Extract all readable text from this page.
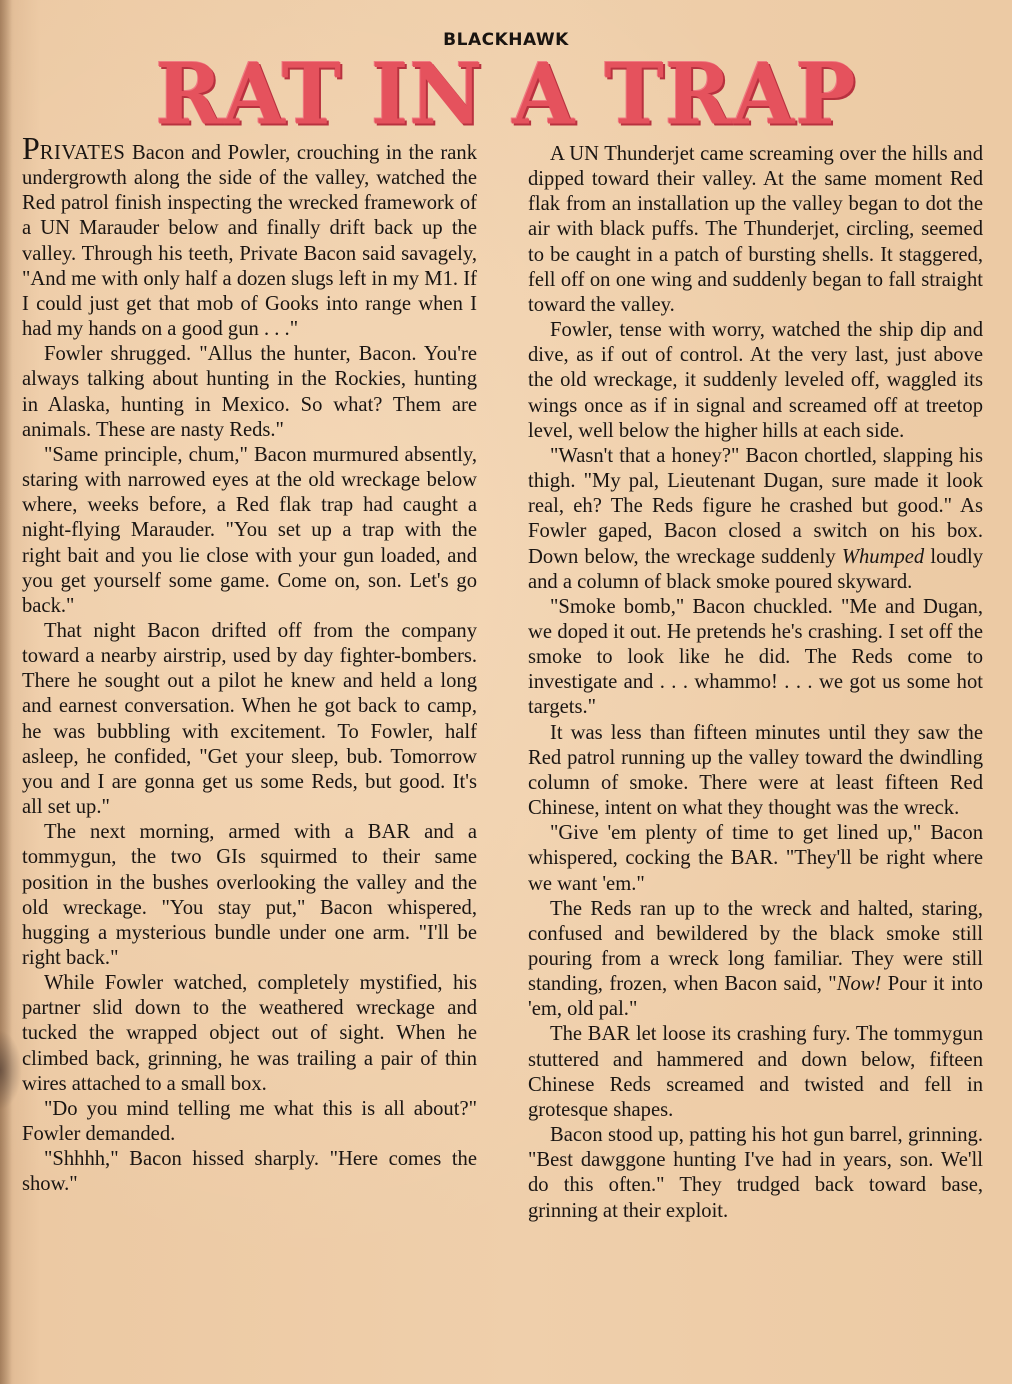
BLACKHAWK
RAT IN A TRAP

PRIVATES Bacon and Powler, crouching in the rank undergrowth along the side of the valley, watched the Red patrol finish inspecting the wrecked framework of a UN Marauder below and finally drift back up the valley. Through his teeth, Private Bacon said savagely, "And me with only half a dozen slugs left in my M1. If I could just get that mob of Gooks into range when I had my hands on a good gun . . ."

Fowler shrugged. "Allus the hunter, Bacon. You're always talking about hunting in the Rockies, hunting in Alaska, hunting in Mexico. So what? Them are animals. These are nasty Reds."

"Same principle, chum," Bacon murmured absently, staring with narrowed eyes at the old wreckage below where, weeks before, a Red flak trap had caught a night-flying Marauder. "You set up a trap with the right bait and you lie close with your gun loaded, and you get yourself some game. Come on, son. Let's go back."

That night Bacon drifted off from the company toward a nearby airstrip, used by day fighter-bombers. There he sought out a pilot he knew and held a long and earnest conversation. When he got back to camp, he was bubbling with excitement. To Fowler, half asleep, he confided, "Get your sleep, bub. Tomorrow you and I are gonna get us some Reds, but good. It's all set up."

The next morning, armed with a BAR and a tommygun, the two GIs squirmed to their same position in the bushes overlooking the valley and the old wreckage. "You stay put," Bacon whispered, hugging a mysterious bundle under one arm. "I'll be right back."

While Fowler watched, completely mystified, his partner slid down to the weathered wreckage and tucked the wrapped object out of sight. When he climbed back, grinning, he was trailing a pair of thin wires attached to a small box.

"Do you mind telling me what this is all about?" Fowler demanded.

"Shhhh," Bacon hissed sharply. "Here comes the show."

A UN Thunderjet came screaming over the hills and dipped toward their valley. At the same moment Red flak from an installation up the valley began to dot the air with black puffs. The Thunderjet, circling, seemed to be caught in a patch of bursting shells. It staggered, fell off on one wing and suddenly began to fall straight toward the valley.

Fowler, tense with worry, watched the ship dip and dive, as if out of control. At the very last, just above the old wreckage, it suddenly leveled off, waggled its wings once as if in signal and screamed off at treetop level, well below the higher hills at each side.

"Wasn't that a honey?" Bacon chortled, slapping his thigh. "My pal, Lieutenant Dugan, sure made it look real, eh? The Reds figure he crashed but good." As Fowler gaped, Bacon closed a switch on his box. Down below, the wreckage suddenly Whumped loudly and a column of black smoke poured skyward.

"Smoke bomb," Bacon chuckled. "Me and Dugan, we doped it out. He pretends he's crashing. I set off the smoke to look like he did. The Reds come to investigate and . . . whammo! . . . we got us some hot targets."

It was less than fifteen minutes until they saw the Red patrol running up the valley toward the dwindling column of smoke. There were at least fifteen Red Chinese, intent on what they thought was the wreck.

"Give 'em plenty of time to get lined up," Bacon whispered, cocking the BAR. "They'll be right where we want 'em."

The Reds ran up to the wreck and halted, staring, confused and bewildered by the black smoke still pouring from a wreck long familiar. They were still standing, frozen, when Bacon said, "Now! Pour it into 'em, old pal."

The BAR let loose its crashing fury. The tommygun stuttered and hammered and down below, fifteen Chinese Reds screamed and twisted and fell in grotesque shapes.

Bacon stood up, patting his hot gun barrel, grinning. "Best dawggone hunting I've had in years, son. We'll do this often." They trudged back toward base, grinning at their exploit.
